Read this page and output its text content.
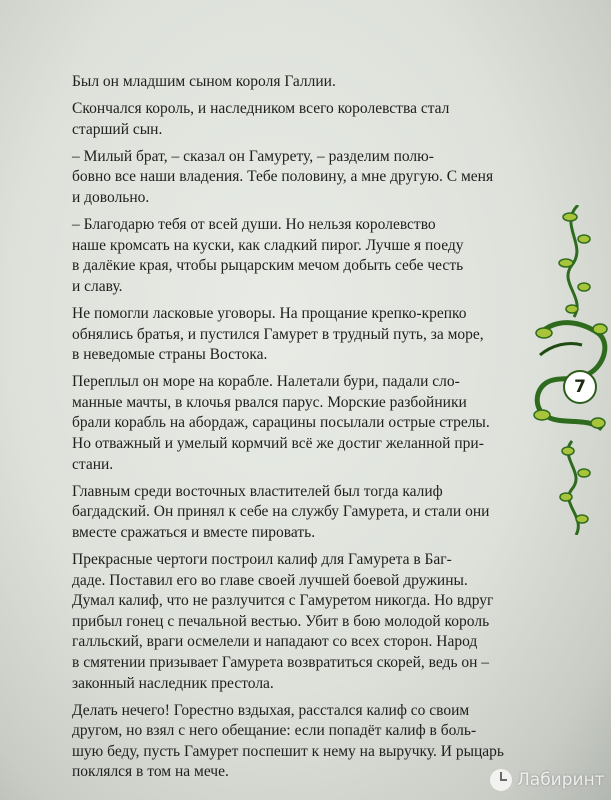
Был он младшим сыном короля Галлии.
Скончался король, и наследником всего королевства стал
старший сын.
– Милый брат, – сказал он Гамурету, – разделим полю-
бовно все наши владения. Тебе половину, а мне другую. С меня
и довольно.
– Благодарю тебя от всей души. Но нельзя королевство
наше кромсать на куски, как сладкий пирог. Лучше я поеду
в далёкие края, чтобы рыцарским мечом добыть себе честь
и славу.
Не помогли ласковые уговоры. На прощание крепко-крепко
обнялись братья, и пустился Гамурет в трудный путь, за море,
в неведомые страны Востока.
Переплыл он море на корабле. Налетали бури, падали сло-
манные мачты, в клочья рвался парус. Морские разбойники
брали корабль на абордаж, сарацины посылали острые стрелы.
Но отважный и умелый кормчий всё же достиг желанной при-
стани.
Главным среди восточных властителей был тогда калиф
багдадский. Он принял к себе на службу Гамурета, и стали они
вместе сражаться и вместе пировать.
Прекрасные чертоги построил калиф для Гамурета в Баг-
даде. Поставил его во главе своей лучшей боевой дружины.
Думал калиф, что не разлучится с Гамуретом никогда. Но вдруг
прибыл гонец с печальной вестью. Убит в бою молодой король
галльский, враги осмелели и нападают со всех сторон. Народ
в смятении призывает Гамурета возвратиться скорей, ведь он –
законный наследник престола.
Делать нечего! Горестно вздыхая, расстался калиф со своим
другом, но взял с него обещание: если попадёт калиф в боль-
шую беду, пусть Гамурет поспешит к нему на выручку. И рыцарь
поклялся в том на мече.
7
Лабиринт
